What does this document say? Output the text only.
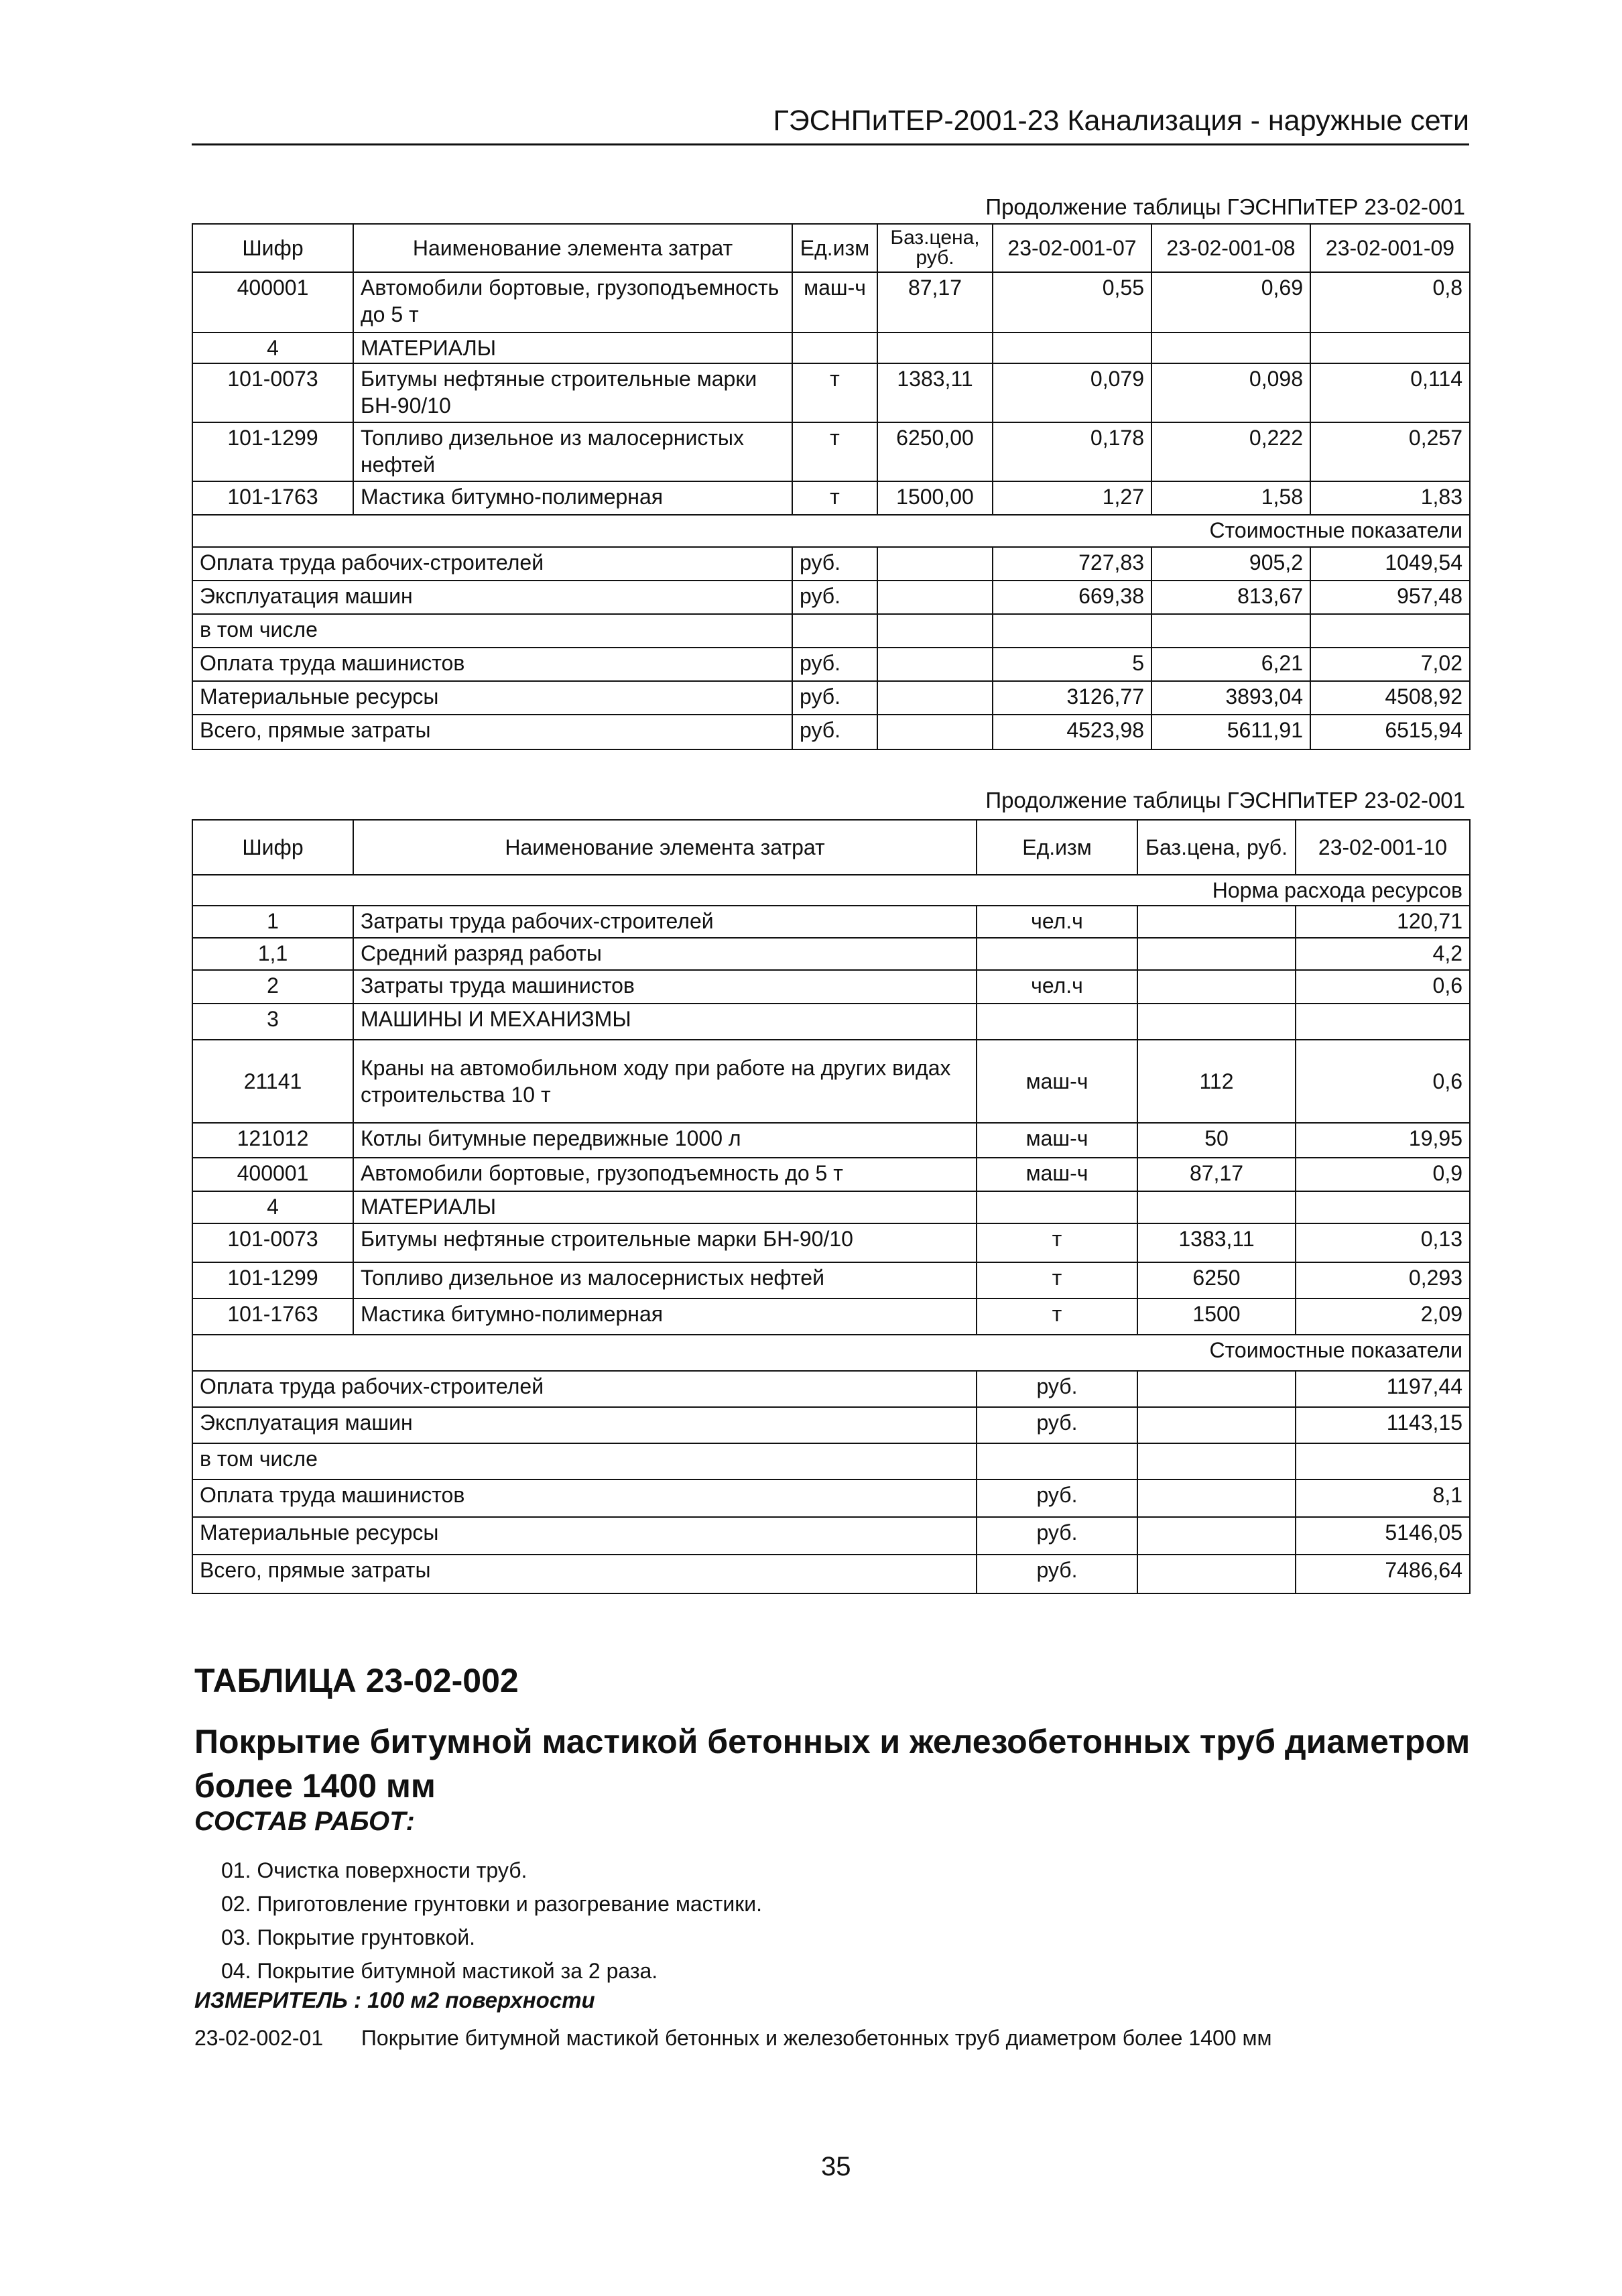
ГЭСНПиТЕР-2001-23 Канализация - наружные сети
Продолжение таблицы ГЭСНПиТЕР 23-02-001
Шифр	Наименование элемента затрат	Ед.изм	Баз.цена, руб.	23-02-001-07	23-02-001-08	23-02-001-09
400001	Автомобили бортовые, грузоподъемность до 5 т	маш-ч	87,17	0,55	0,69	0,8
4	МАТЕРИАЛЫ					
101-0073	Битумы нефтяные строительные марки БН-90/10	т	1383,11	0,079	0,098	0,114
101-1299	Топливо дизельное из малосернистых нефтей	т	6250,00	0,178	0,222	0,257
101-1763	Мастика битумно-полимерная	т	1500,00	1,27	1,58	1,83
Стоимостные показатели						
Оплата труда рабочих-строителей		руб.		727,83	905,2	1049,54
Эксплуатация машин		руб.		669,38	813,67	957,48
в том числе						
Оплата труда машинистов		руб.		5	6,21	7,02
Материальные ресурсы		руб.		3126,77	3893,04	4508,92
Всего, прямые затраты		руб.		4523,98	5611,91	6515,94
Продолжение таблицы ГЭСНПиТЕР 23-02-001
Шифр	Наименование элемента затрат	Ед.изм	Баз.цена, руб.	23-02-001-10
Норма расхода ресурсов				
1	Затраты труда рабочих-строителей	чел.ч		120,71
1,1	Средний разряд работы			4,2
2	Затраты труда машинистов	чел.ч		0,6
3	МАШИНЫ И МЕХАНИЗМЫ			
21141	Краны на автомобильном ходу при работе на других видах строительства 10 т	маш-ч	112	0,6
121012	Котлы битумные передвижные 1000 л	маш-ч	50	19,95
400001	Автомобили бортовые, грузоподъемность до 5 т	маш-ч	87,17	0,9
4	МАТЕРИАЛЫ			
101-0073	Битумы нефтяные строительные марки БН-90/10	т	1383,11	0,13
101-1299	Топливо дизельное из малосернистых нефтей	т	6250	0,293
101-1763	Мастика битумно-полимерная	т	1500	2,09
Стоимостные показатели				
Оплата труда рабочих-строителей		руб.		1197,44
Эксплуатация машин		руб.		1143,15
в том числе				
Оплата труда машинистов		руб.		8,1
Материальные ресурсы		руб.		5146,05
Всего, прямые затраты		руб.		7486,64
ТАБЛИЦА 23-02-002
Покрытие битумной мастикой бетонных и железобетонных труб диаметром более 1400 мм
СОСТАВ РАБОТ:
01. Очистка поверхности труб.
02. Приготовление грунтовки и разогревание мастики.
03. Покрытие грунтовкой.
04. Покрытие битумной мастикой за 2 раза.
ИЗМЕРИТЕЛЬ : 100 м2 поверхности
23-02-002-01 Покрытие битумной мастикой бетонных и железобетонных труб диаметром более 1400 мм
35
